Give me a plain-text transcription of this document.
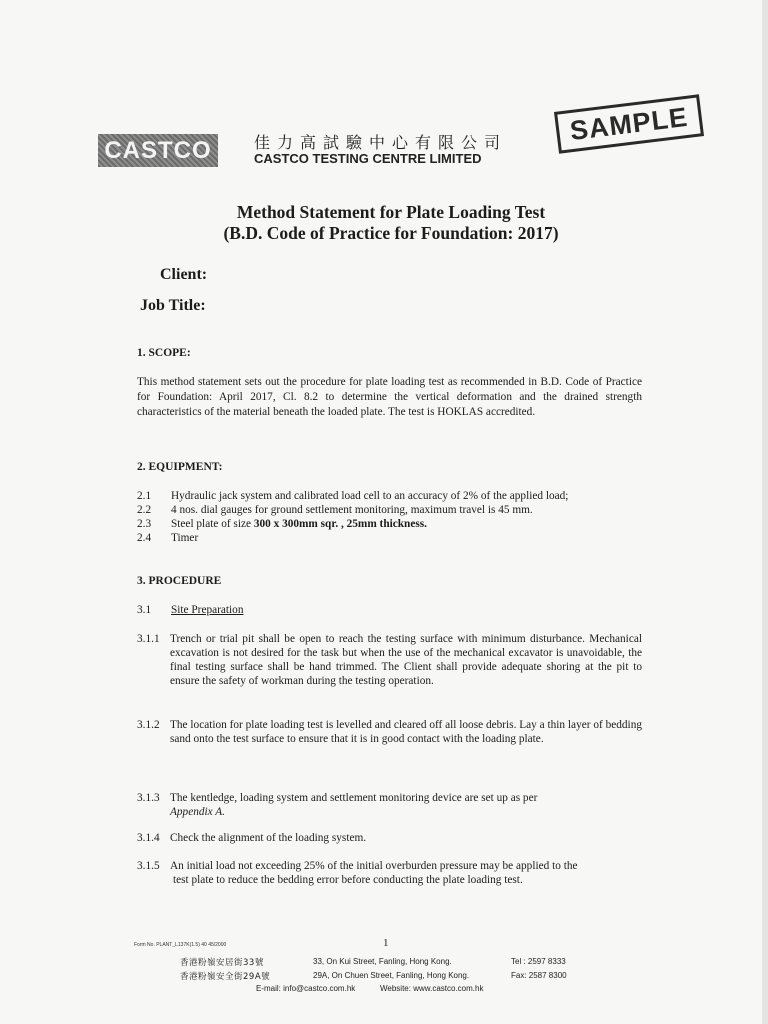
CASTCO	佳力高試驗中心有限公司
CASTCO TESTING CENTRE LIMITED
SAMPLE
Method Statement for Plate Loading Test
(B.D. Code of Practice for Foundation: 2017)
Client:
Job Title:
1. SCOPE:

This method statement sets out the procedure for plate loading test as recommended in B.D. Code of Practice for Foundation: April 2017, Cl. 8.2 to determine the vertical deformation and the drained strength characteristics of the material beneath the loaded plate. The test is HOKLAS accredited.

2. EQUIPMENT:
2.1	Hydraulic jack system and calibrated load cell to an accuracy of 2% of the applied load;
2.2	4 nos. dial gauges for ground settlement monitoring, maximum travel is 45 mm.
2.3	Steel plate of size 300 x 300mm sqr. , 25mm thickness.
2.4	Timer
3. PROCEDURE
3.1 Site Preparation
3.1.1 Trench or trial pit shall be open to reach the testing surface with minimum disturbance. Mechanical excavation is not desired for the task but when the use of the mechanical excavator is unavoidable, the final testing surface shall be hand trimmed. The Client shall provide adequate shoring at the pit to ensure the safety of workman during the testing operation.

3.1.2 The location for plate loading test is levelled and cleared off all loose debris. Lay a thin layer of bedding sand onto the test surface to ensure that it is in good contact with the loading plate.

3.1.3 The kentledge, loading system and settlement monitoring device are set up as per

Appendix A.

3.1.4 Check the alignment of the loading system.

3.1.5 An initial load not exceeding 25% of the initial overburden pressure may be applied to the

test plate to reduce the bedding error before conducting the plate loading test.

Form No. PLANT_L137K(1.5) 40 45/2000	1
香港粉嶺安居街33號	33, On Kui Street, Fanling, Hong Kong.	Tel : 2597 8333
香港粉嶺安全街29A號	29A, On Chuen Street, Fanling, Hong Kong.	Fax: 2587 8300
E-mail: info@castco.com.hk	Website: www.castco.com.hk
